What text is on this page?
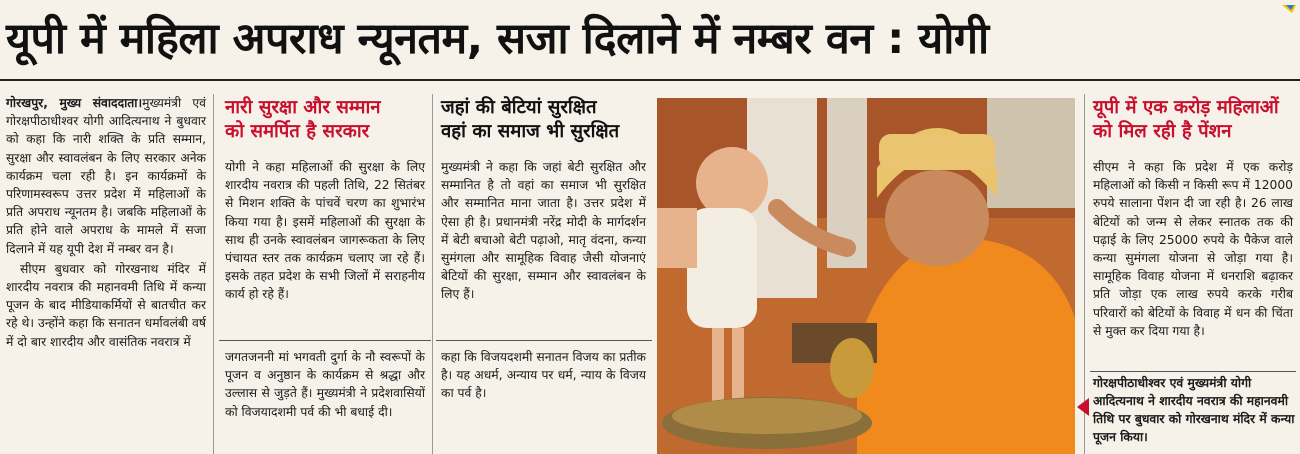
यूपी में महिला अपराध न्यूनतम, सजा दिलाने में नम्बर वन : योगी

गोरखपुर, मुख्य संवाददाता।मुख्यमंत्री एवं गोरक्षपीठाधीश्वर योगी आदित्यनाथ ने बुधवार को कहा कि नारी शक्ति के प्रति सम्मान, सुरक्षा और स्वावलंबन के लिए सरकार अनेक कार्यक्रम चला रही है। इन कार्यक्रमों के परिणामस्वरूप उत्तर प्रदेश में महिलाओं के प्रति अपराध न्यूनतम है। जबकि महिलाओं के प्रति होने वाले अपराध के मामले में सजा दिलाने में यह यूपी देश में नम्बर वन है।

सीएम बुधवार को गोरखनाथ मंदिर में शारदीय नवरात्र की महानवमी तिथि में कन्या पूजन के बाद मीडियाकर्मियों से बातचीत कर रहे थे। उन्होंने कहा कि सनातन धर्मावलंबी वर्ष में दो बार शारदीय और वासंतिक नवरात्र में

नारी सुरक्षा और सम्मान
को समर्पित है सरकार
योगी ने कहा महिलाओं की सुरक्षा के लिए शारदीय नवरात्र की पहली तिथि, 22 सितंबर से मिशन शक्ति के पांचवें चरण का शुभारंभ किया गया है। इसमें महिलाओं की सुरक्षा के साथ ही उनके स्वावलंबन जागरूकता के लिए पंचायत स्तर तक कार्यक्रम चलाए जा रहे हैं। इसके तहत प्रदेश के सभी जिलों में सराहनीय कार्य हो रहे हैं।
जगतजननी मां भगवती दुर्गा के नौ स्वरूपों के पूजन व अनुष्ठान के कार्यक्रम से श्रद्धा और उल्लास से जुड़ते हैं। मुख्यमंत्री ने प्रदेशवासियों को विजयादशमी पर्व की भी बधाई दी।
जहां की बेटियां सुरक्षित
वहां का समाज भी सुरक्षित
मुख्यमंत्री ने कहा कि जहां बेटी सुरक्षित और सम्मानित है तो वहां का समाज भी सुरक्षित और सम्मानित माना जाता है। उत्तर प्रदेश में ऐसा ही है। प्रधानमंत्री नरेंद्र मोदी के मार्गदर्शन में बेटी बचाओ बेटी पढ़ाओ, मातृ वंदना, कन्या सुमंगला और सामूहिक विवाह जैसी योजनाएं बेटियों की सुरक्षा, सम्मान और स्वावलंबन के लिए हैं।
कहा कि विजयदशमी सनातन विजय का प्रतीक है। यह अधर्म, अन्याय पर धर्म, न्याय के विजय का पर्व है।
यूपी में एक करोड़ महिलाओं
को मिल रही है पेंशन
सीएम ने कहा कि प्रदेश में एक करोड़ महिलाओं को किसी न किसी रूप में 12000 रुपये सालाना पेंशन दी जा रही है। 26 लाख बेटियों को जन्म से लेकर स्नातक तक की पढ़ाई के लिए 25000 रुपये के पैकेज वाले कन्या सुमंगला योजना से जोड़ा गया है। सामूहिक विवाह योजना में धनराशि बढ़ाकर प्रति जोड़ा एक लाख रुपये करके गरीब परिवारों को बेटियों के विवाह में धन की चिंता से मुक्त कर दिया गया है।
गोरक्षपीठाधीश्वर एवं मुख्यमंत्री योगी आदित्यनाथ ने शारदीय नवरात्र की महानवमी तिथि पर बुधवार को गोरखनाथ मंदिर में कन्या पूजन किया।
